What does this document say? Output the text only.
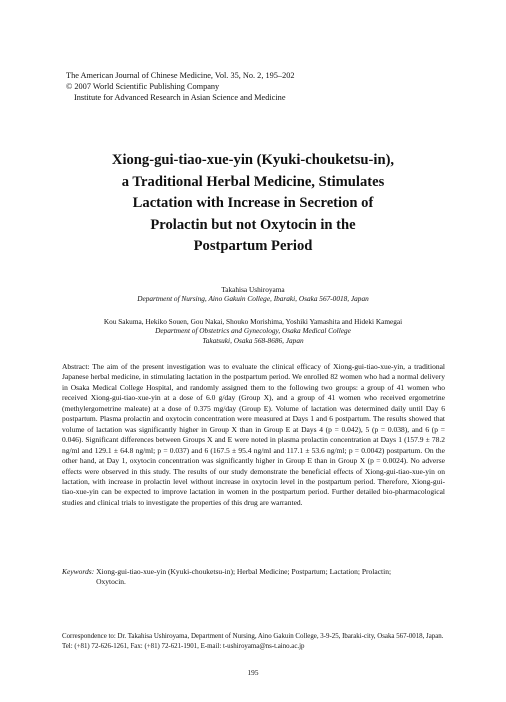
The American Journal of Chinese Medicine, Vol. 35, No. 2, 195–202
© 2007 World Scientific Publishing Company
Institute for Advanced Research in Asian Science and Medicine
Xiong-gui-tiao-xue-yin (Kyuki-chouketsu-in),
a Traditional Herbal Medicine, Stimulates
Lactation with Increase in Secretion of
Prolactin but not Oxytocin in the
Postpartum Period
Takahisa Ushiroyama
Department of Nursing, Aino Gakuin College, Ibaraki, Osaka 567-0018, Japan
Kou Sakuma, Hekiko Souen, Gou Nakai, Shouko Morishima, Yoshiki Yamashita and Hideki Kamegai
Department of Obstetrics and Gynecology, Osaka Medical College
Takatsuki, Osaka 568-8686, Japan
Abstract: The aim of the present investigation was to evaluate the clinical efficacy of Xiong-gui-tiao-xue-yin, a traditional Japanese herbal medicine, in stimulating lactation in the postpartum period. We enrolled 82 women who had a normal delivery in Osaka Medical College Hospital, and randomly assigned them to the following two groups: a group of 41 women who received Xiong-gui-tiao-xue-yin at a dose of 6.0 g/day (Group X), and a group of 41 women who received ergometrine (methylergometrine maleate) at a dose of 0.375 mg/day (Group E). Volume of lactation was determined daily until Day 6 postpartum. Plasma prolactin and oxytocin concentration were measured at Days 1 and 6 postpartum. The results showed that volume of lactation was significantly higher in Group X than in Group E at Days 4 (p = 0.042), 5 (p = 0.038), and 6 (p = 0.046). Significant differences between Groups X and E were noted in plasma prolactin concentration at Days 1 (157.9 ± 78.2 ng/ml and 129.1 ± 64.8 ng/ml; p = 0.037) and 6 (167.5 ± 95.4 ng/ml and 117.1 ± 53.6 ng/ml; p = 0.0042) postpartum. On the other hand, at Day 1, oxytocin concentration was significantly higher in Group E than in Group X (p = 0.0024). No adverse effects were observed in this study. The results of our study demonstrate the beneficial effects of Xiong-gui-tiao-xue-yin on lactation, with increase in prolactin level without increase in oxytocin level in the postpartum period. Therefore, Xiong-gui-tiao-xue-yin can be expected to improve lactation in women in the postpartum period. Further detailed bio-pharmacological studies and clinical trials to investigate the properties of this drug are warranted.
Keywords: Xiong-gui-tiao-xue-yin (Kyuki-chouketsu-in); Herbal Medicine; Postpartum; Lactation; Prolactin; Oxytocin.
Correspondence to: Dr. Takahisa Ushiroyama, Department of Nursing, Aino Gakuin College, 3-9-25, Ibaraki-city, Osaka 567-0018, Japan. Tel: (+81) 72-626-1261, Fax: (+81) 72-621-1901, E-mail: t-ushiroyama@ns-t.aino.ac.jp
195
